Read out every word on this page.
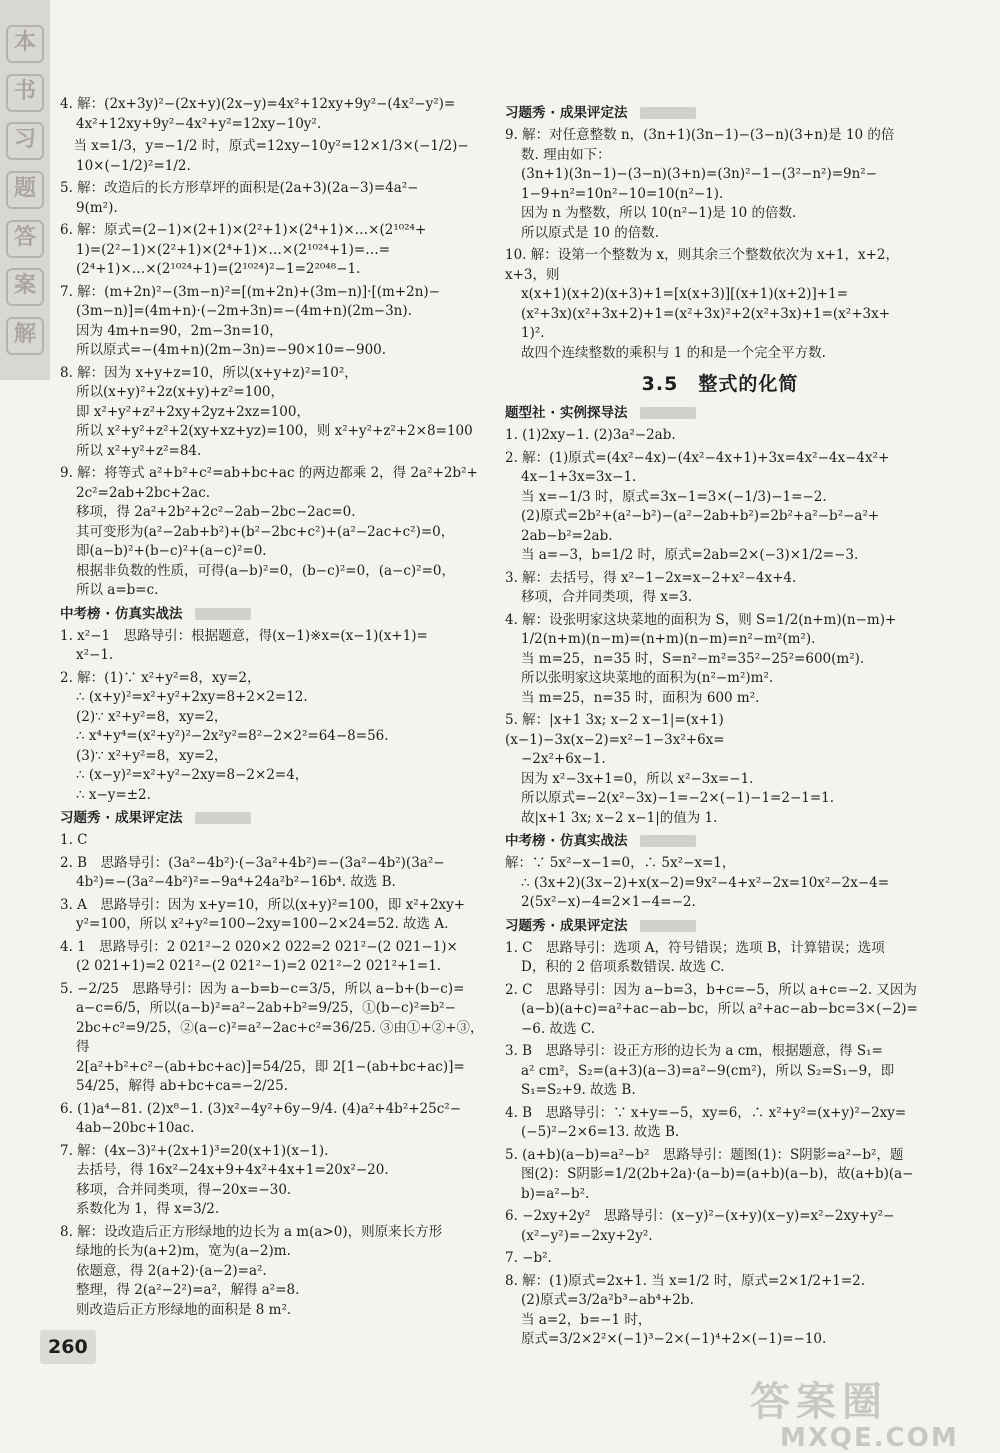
本
书
习
题
答
案
解
4. 解：(2x+3y)²−(2x+y)(2x−y)=4x²+12xy+9y²−(4x²−y²)=
4x²+12xy+9y²−4x²+y²=12xy−10y².
　当 x=1/3，y=−1/2 时，原式=12xy−10y²=12×1/3×(−1/2)−
10×(−1/2)²=1/2.
5. 解：改造后的长方形草坪的面积是(2a+3)(2a−3)=4a²−
9(m²).
6. 解：原式=(2−1)×(2+1)×(2²+1)×(2⁴+1)×…×(2¹⁰²⁴+
1)=(2²−1)×(2²+1)×(2⁴+1)×…×(2¹⁰²⁴+1)=…=
(2⁴+1)×…×(2¹⁰²⁴+1)=(2¹⁰²⁴)²−1=2²⁰⁴⁸−1.
7. 解：(m+2n)²−(3m−n)²=[(m+2n)+(3m−n)]·[(m+2n)−
(3m−n)]=(4m+n)·(−2m+3n)=−(4m+n)(2m−3n).
因为 4m+n=90，2m−3n=10，
所以原式=−(4m+n)(2m−3n)=−90×10=−900.
8. 解：因为 x+y+z=10，所以(x+y+z)²=10²，
所以(x+y)²+2z(x+y)+z²=100，
即 x²+y²+z²+2xy+2yz+2xz=100，
所以 x²+y²+z²+2(xy+xz+yz)=100，则 x²+y²+z²+2×8=100
所以 x²+y²+z²=84.
9. 解：将等式 a²+b²+c²=ab+bc+ac 的两边都乘 2，得 2a²+2b²+
2c²=2ab+2bc+2ac.
移项，得 2a²+2b²+2c²−2ab−2bc−2ac=0.
其可变形为(a²−2ab+b²)+(b²−2bc+c²)+(a²−2ac+c²)=0，
即(a−b)²+(b−c)²+(a−c)²=0.
根据非负数的性质，可得(a−b)²=0，(b−c)²=0，(a−c)²=0，
所以 a=b=c.
中考榜 · 仿真实战法
1. x²−1　思路导引：根据题意，得(x−1)※x=(x−1)(x+1)=
x²−1.
2. 解：(1)∵ x²+y²=8，xy=2，
∴ (x+y)²=x²+y²+2xy=8+2×2=12.
(2)∵ x²+y²=8，xy=2，
∴ x⁴+y⁴=(x²+y²)²−2x²y²=8²−2×2²=64−8=56.
(3)∵ x²+y²=8，xy=2，
∴ (x−y)²=x²+y²−2xy=8−2×2=4，
∴ x−y=±2.
习题秀 · 成果评定法
1. C
2. B　思路导引：(3a²−4b²)·(−3a²+4b²)=−(3a²−4b²)(3a²−
4b²)=−(3a²−4b²)²=−9a⁴+24a²b²−16b⁴. 故选 B.
3. A　思路导引：因为 x+y=10，所以(x+y)²=100，即 x²+2xy+
y²=100，所以 x²+y²=100−2xy=100−2×24=52. 故选 A.
4. 1　思路导引：2 021²−2 020×2 022=2 021²−(2 021−1)×
(2 021+1)=2 021²−(2 021²−1)=2 021²−2 021²+1=1.
5. −2/25　思路导引：因为 a−b=b−c=3/5，所以 a−b+(b−c)=
a−c=6/5，所以(a−b)²=a²−2ab+b²=9/25，①(b−c)²=b²−
2bc+c²=9/25，②(a−c)²=a²−2ac+c²=36/25. ③由①+②+③，得
2[a²+b²+c²−(ab+bc+ac)]=54/25，即 2[1−(ab+bc+ac)]=
54/25，解得 ab+bc+ca=−2/25.
6. (1)a⁴−81. (2)x⁸−1. (3)x²−4y²+6y−9/4. (4)a²+4b²+25c²−
4ab−20bc+10ac.
7. 解：(4x−3)²+(2x+1)³=20(x+1)(x−1).
去括号，得 16x²−24x+9+4x²+4x+1=20x²−20.
移项，合并同类项，得−20x=−30.
系数化为 1，得 x=3/2.
8. 解：设改造后正方形绿地的边长为 a m(a>0)，则原来长方形
绿地的长为(a+2)m，宽为(a−2)m.
依题意，得 2(a+2)·(a−2)=a².
整理，得 2(a²−2²)=a²，解得 a²=8.
则改造后正方形绿地的面积是 8 m².
习题秀 · 成果评定法
9. 解：对任意整数 n，(3n+1)(3n−1)−(3−n)(3+n)是 10 的倍
数. 理由如下：
(3n+1)(3n−1)−(3−n)(3+n)=(3n)²−1−(3²−n²)=9n²−
1−9+n²=10n²−10=10(n²−1).
因为 n 为整数，所以 10(n²−1)是 10 的倍数.
所以原式是 10 的倍数.
10. 解：设第一个整数为 x，则其余三个整数依次为 x+1，x+2，x+3，则
x(x+1)(x+2)(x+3)+1=[x(x+3)][(x+1)(x+2)]+1=
(x²+3x)(x²+3x+2)+1=(x²+3x)²+2(x²+3x)+1=(x²+3x+
1)².
故四个连续整数的乘积与 1 的和是一个完全平方数.
3.5　整式的化简
题型社 · 实例探导法
1. (1)2xy−1. (2)3a²−2ab.
2. 解：(1)原式=(4x²−4x)−(4x²−4x+1)+3x=4x²−4x−4x²+
4x−1+3x=3x−1.
当 x=−1/3 时，原式=3x−1=3×(−1/3)−1=−2.
(2)原式=2b²+(a²−b²)−(a²−2ab+b²)=2b²+a²−b²−a²+
2ab−b²=2ab.
当 a=−3，b=1/2 时，原式=2ab=2×(−3)×1/2=−3.
3. 解：去括号，得 x²−1−2x=x−2+x²−4x+4.
移项，合并同类项，得 x=3.
4. 解：设张明家这块菜地的面积为 S，则 S=1/2(n+m)(n−m)+
1/2(n+m)(n−m)=(n+m)(n−m)=n²−m²(m²).
当 m=25，n=35 时，S=n²−m²=35²−25²=600(m²).
所以张明家这块菜地的面积为(n²−m²)m².
当 m=25，n=35 时，面积为 600 m².
5. 解：|x+1 3x; x−2 x−1|=(x+1)(x−1)−3x(x−2)=x²−1−3x²+6x=
−2x²+6x−1.
因为 x²−3x+1=0，所以 x²−3x=−1.
所以原式=−2(x²−3x)−1=−2×(−1)−1=2−1=1.
故|x+1 3x; x−2 x−1|的值为 1.
中考榜 · 仿真实战法
解：∵ 5x²−x−1=0，∴ 5x²−x=1，
∴ (3x+2)(3x−2)+x(x−2)=9x²−4+x²−2x=10x²−2x−4=
2(5x²−x)−4=2×1−4=−2.
习题秀 · 成果评定法
1. C　思路导引：选项 A，符号错误；选项 B，计算错误；选项
D，积的 2 倍项系数错误. 故选 C.
2. C　思路导引：因为 a−b=3，b+c=−5，所以 a+c=−2. 又因为
(a−b)(a+c)=a²+ac−ab−bc，所以 a²+ac−ab−bc=3×(−2)=
−6. 故选 C.
3. B　思路导引：设正方形的边长为 a cm，根据题意，得 S₁=
a² cm²，S₂=(a+3)(a−3)=a²−9(cm²)，所以 S₂=S₁−9，即
S₁=S₂+9. 故选 B.
4. B　思路导引：∵ x+y=−5，xy=6，∴ x²+y²=(x+y)²−2xy=
(−5)²−2×6=13. 故选 B.
5. (a+b)(a−b)=a²−b²　思路导引：题图(1)：S阴影=a²−b²，题
图(2)：S阴影=1/2(2b+2a)·(a−b)=(a+b)(a−b)，故(a+b)(a−
b)=a²−b².
6. −2xy+2y²　思路导引：(x−y)²−(x+y)(x−y)=x²−2xy+y²−
(x²−y²)=−2xy+2y².
7. −b².
8. 解：(1)原式=2x+1. 当 x=1/2 时，原式=2×1/2+1=2.
(2)原式=3/2a²b³−ab⁴+2b.
当 a=2，b=−1 时，
原式=3/2×2²×(−1)³−2×(−1)⁴+2×(−1)=−10.
260
答案圈
MXQE.COM
